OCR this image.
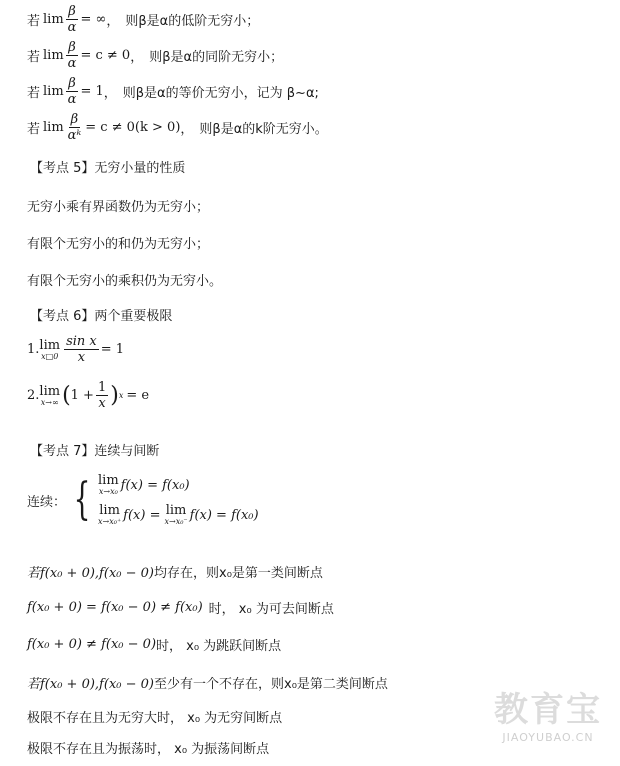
若 $\lim \frac{\beta}{\alpha}$ = ∞ ， 则β是α的低阶无穷小；
若 $\lim \frac{\beta}{\alpha} = c \ne 0$ ， 则β是α的同阶无穷小；
若 $\lim \frac{\beta}{\alpha} = 1$ ， 则β是α的等价无穷小，记为 β~α;
若 $\lim \frac{\beta}{\text{αᵏ}} = c \ne 0(k > 0)$ ， 则β是α的k阶无穷小。
【考点 5】无穷小量的性质
无穷小乘有界函数仍为无穷小；
有限个无穷小的和仍为无穷小；
有限个无穷小的乘积仍为无穷小。
【考点 6】两个重要极限
1. lim
x□0 $\frac{\text{sin x}}{x} = 1$
2. lim
x→∞ ( $1 + \frac{1}{x}$ ) x = e
【考点 7】连续与间断
连续： { lim
x→x₀ f(x) = f(x₀)
lim
x→x₀⁺ f(x) = lim
x→x₀⁻ f(x) = f(x₀)
若f(x₀ + 0),f(x₀ − 0) 均存在，则x₀是第一类间断点
f(x₀ + 0) = f(x₀ − 0) ≠ f(x₀) 时， x₀ 为可去间断点
f(x₀ + 0) ≠ f(x₀ − 0) 时， x₀ 为跳跃间断点
若f(x₀ + 0),f(x₀ − 0) 至少有一个不存在，则x₀是第二类间断点
极限不存在且为无穷大时， x₀ 为无穷间断点
极限不存在且为振荡时， x₀ 为振荡间断点
教育宝
JIAOYUBAO.CN
